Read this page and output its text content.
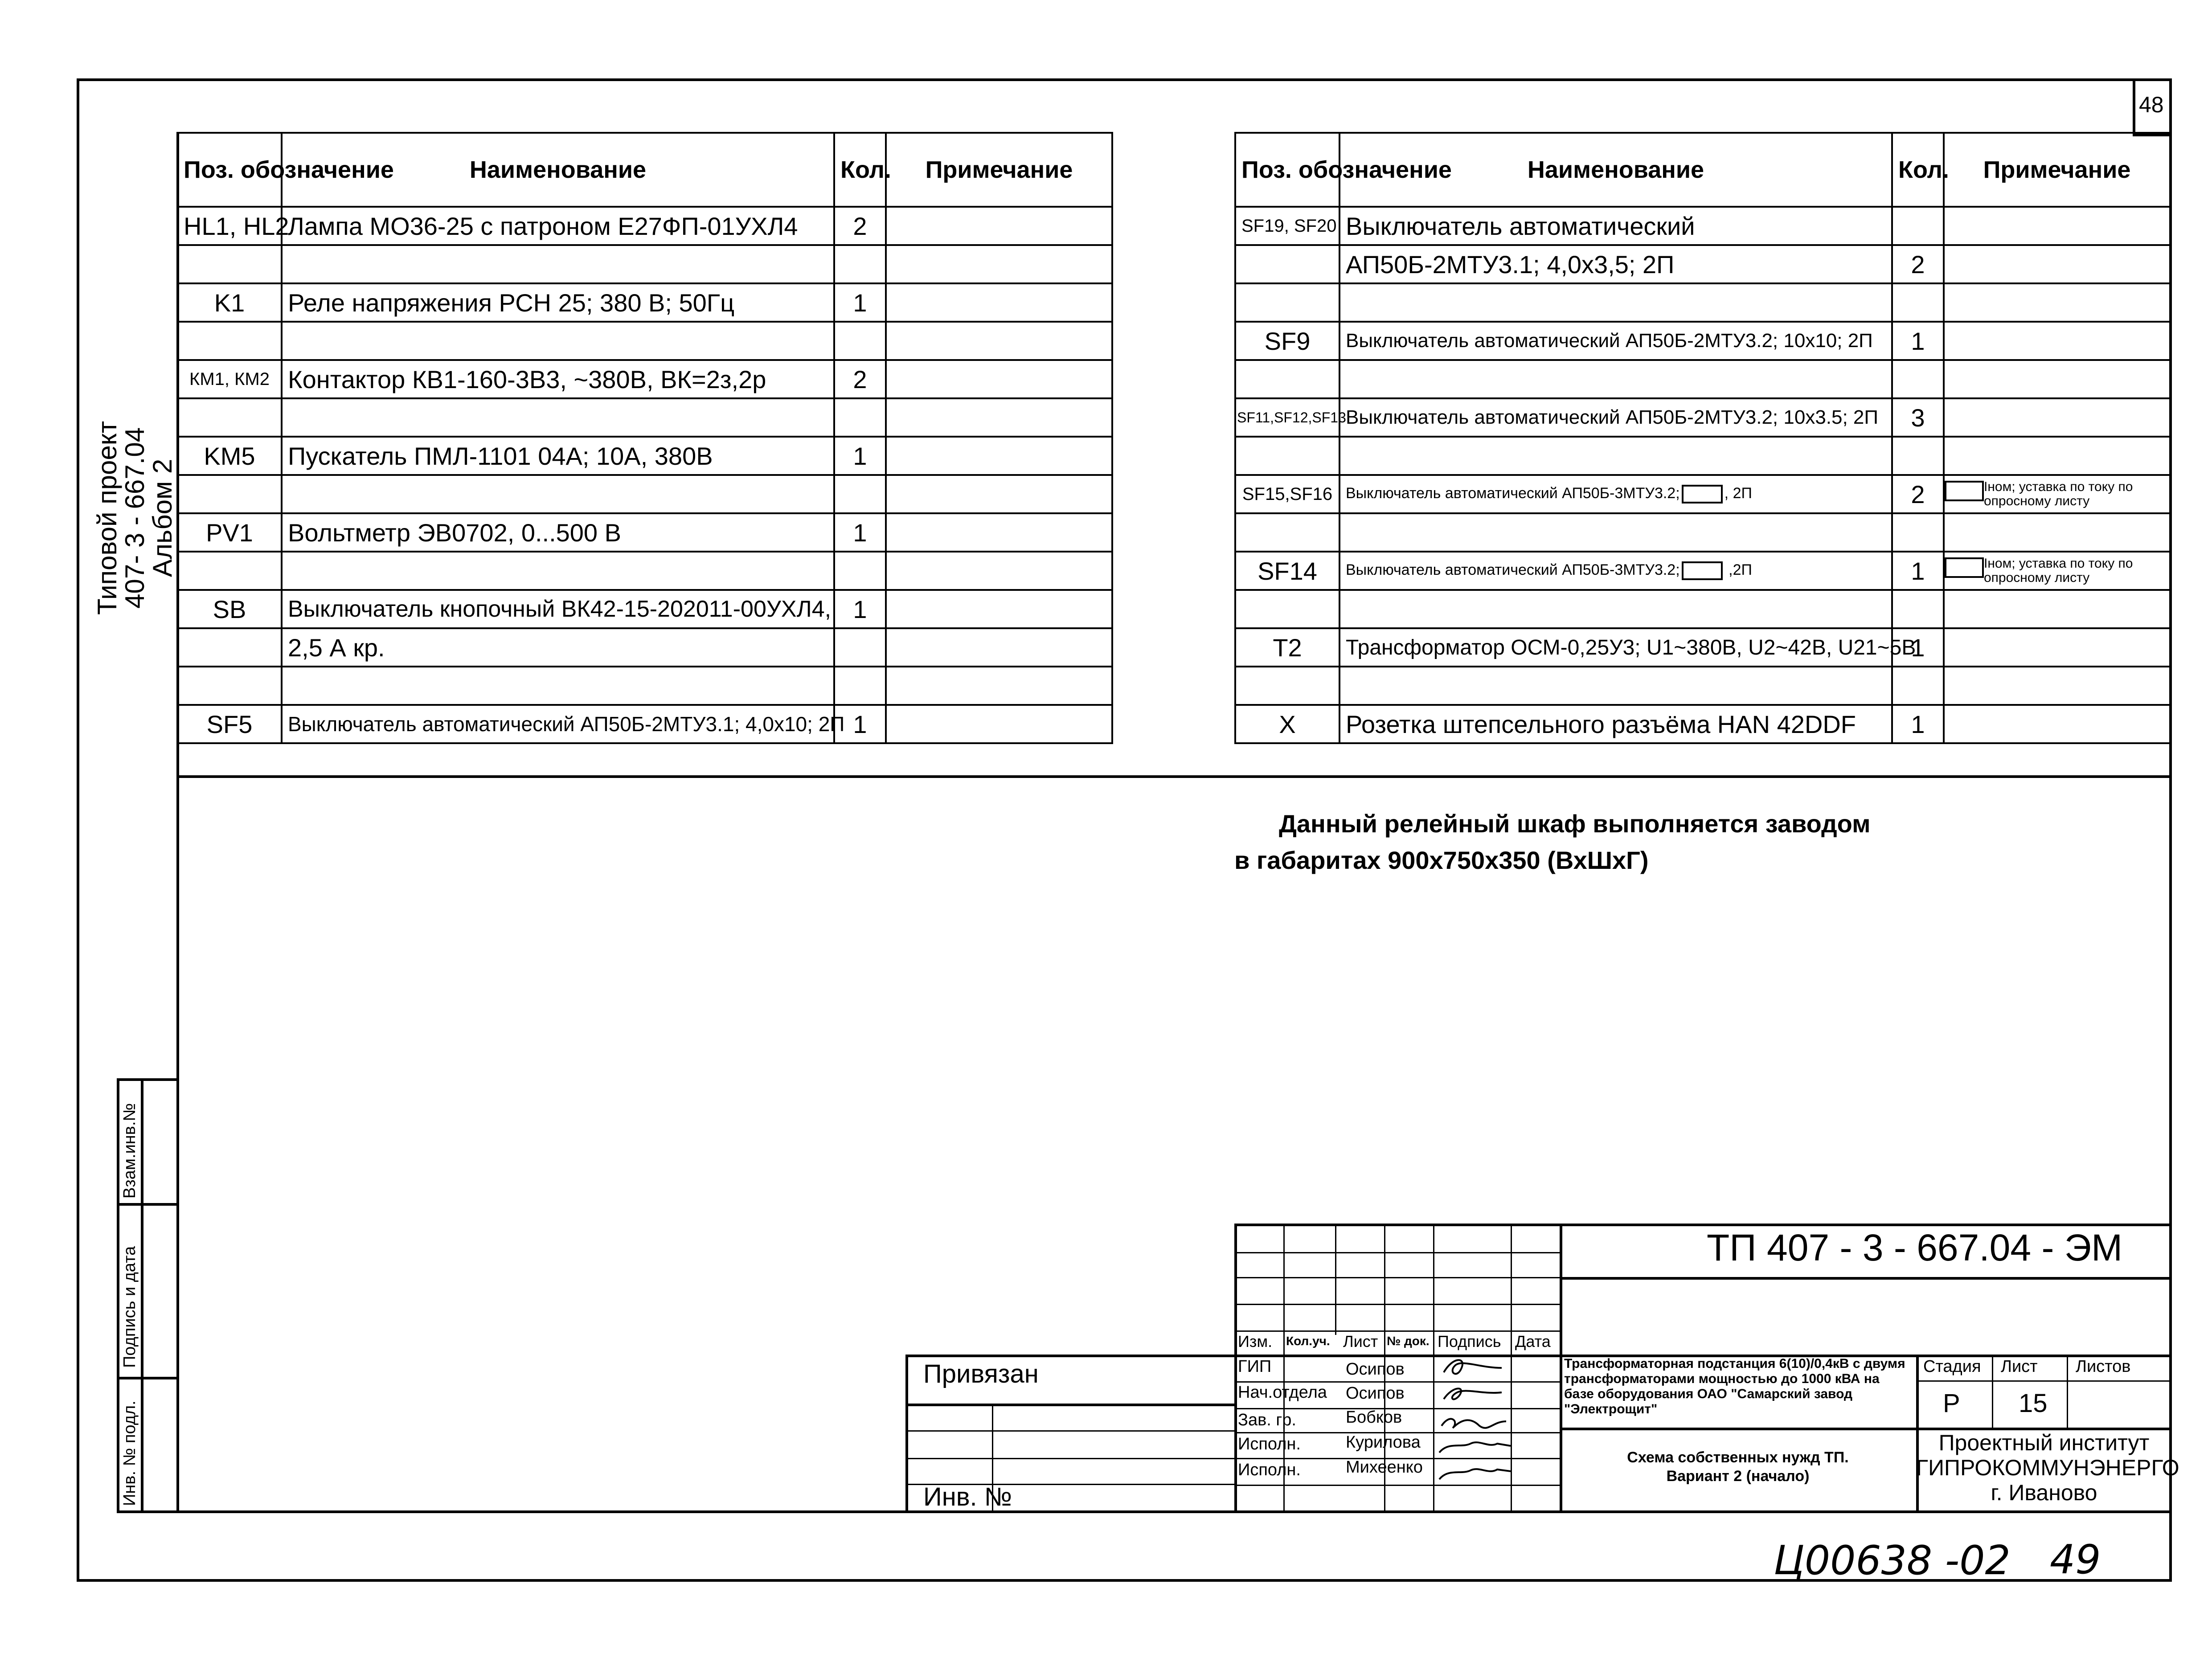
48
Типовой проект
407- 3 - 667.04
Альбом 2
Взам.инв.№
Подпись и дата
Инв. № подл.
Поз. обозначение	Наименование	Кол.	Примечание
HL1, HL2	Лампа МО36-25 с патроном Е27ФП-01УХЛ4	2	

K1	Реле напряжения РСН 25; 380 В; 50Гц	1	

КМ1, КМ2	Контактор КВ1-160-3В3, ~380В, ВК=2з,2р	2	

KM5	Пускатель ПМЛ-1101 04А; 10А, 380В	1	

PV1	Вольтметр ЭВ0702, 0...500 В	1	

SB	Выключатель кнопочный ВК42-15-202011-00УХЛ4,	1	
	2,5 А кр.		

SF5	Выключатель автоматический АП50Б-2МТУ3.1; 4,0х10; 2П	1	
Поз. обозначение	Наименование	Кол.	Примечание
SF19, SF20	Выключатель автоматический		
	АП50Б-2МТУ3.1; 4,0х3,5; 2П	2	

SF9	Выключатель автоматический АП50Б-2МТУ3.2; 10х10; 2П	1	

SF11,SF12,SF13	Выключатель автоматический АП50Б-2МТУ3.2; 10х3.5; 2П	3	

SF15,SF16	Выключатель автоматический АП50Б-3МТУ3.2; , 2П	2	Iном; уставка по току по опросному листу

SF14	Выключатель автоматический АП50Б-3МТУ3.2; ,2П	1	Iном; уставка по току по опросному листу

T2	Трансформатор ОСМ-0,25У3; U1~380В, U2~42В, U21~5В	1	

X	Розетка штепсельного разъёма HAN 42DDF	1	
Данный релейный шкаф выполняется заводом
в габаритах 900х750х350 (ВхШхГ)
ТП 407 - 3 - 667.04 - ЭМ
Изм. Кол.уч. Лист № док. Подпись Дата
ГИП	Осипов
Нач.отдела Осипов
Зав. гр.	Бобков
Исполн.	Курилова
Исполн.	Михеенко
Трансформаторная подстанция 6(10)/0,4кВ с двумя трансформаторами мощностью до 1000 кВА на базе оборудования ОАО "Самарский завод "Электрощит"
Стадия Лист Листов
Р 15
Схема собственных нужд ТП.
Вариант 2 (начало)
Проектный институт
ГИПРОКОММУНЭНЕРГО
г. Иваново
Привязан
Инв. №
Ц00638 -02 49
